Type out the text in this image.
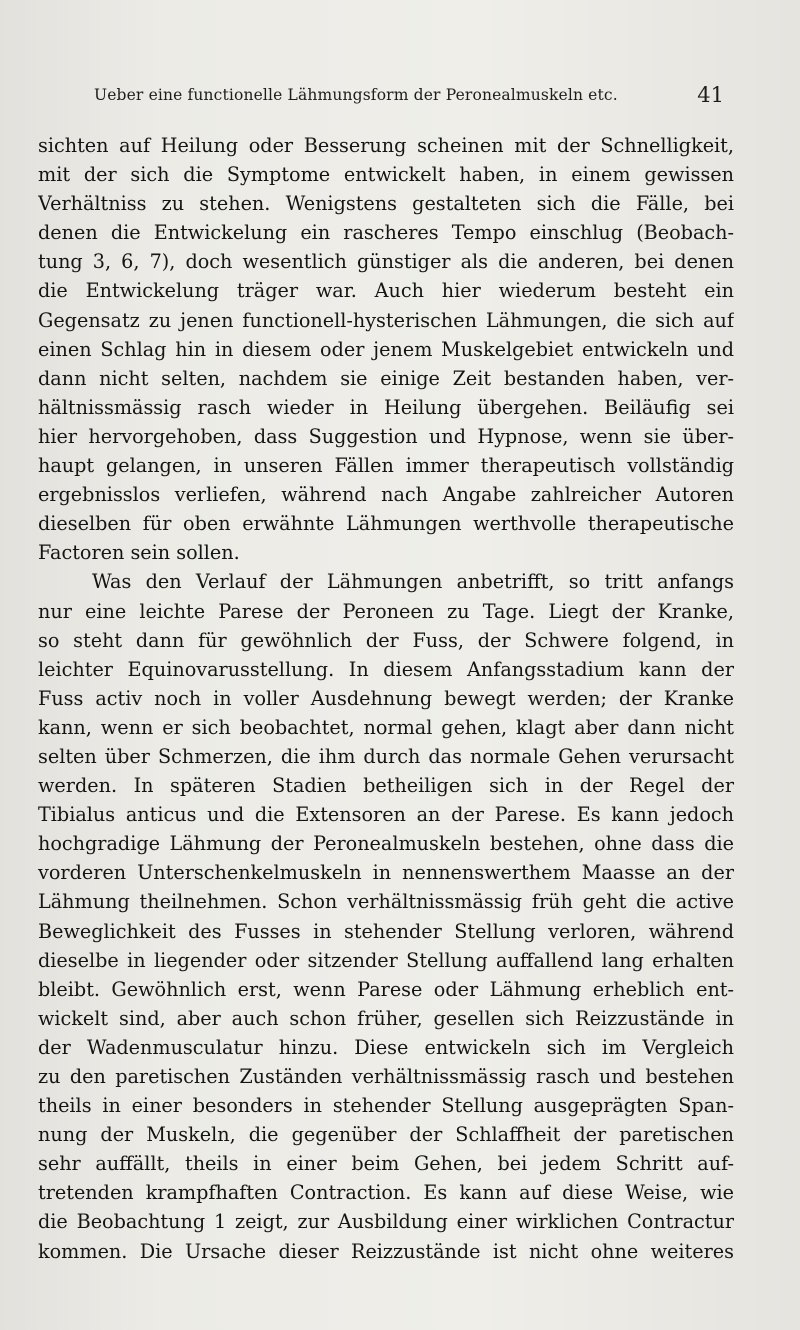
Ueber eine functionelle Lähmungsform der Peronealmuskeln etc.	41
sichten auf Heilung oder Besserung scheinen mit der Schnelligkeit,
mit der sich die Symptome entwickelt haben, in einem gewissen
Verhältniss zu stehen. Wenigstens gestalteten sich die Fälle, bei
denen die Entwickelung ein rascheres Tempo einschlug (Beobach-
tung 3, 6, 7), doch wesentlich günstiger als die anderen, bei denen
die Entwickelung träger war. Auch hier wiederum besteht ein
Gegensatz zu jenen functionell-hysterischen Lähmungen, die sich auf
einen Schlag hin in diesem oder jenem Muskelgebiet entwickeln und
dann nicht selten, nachdem sie einige Zeit bestanden haben, ver-
hältnissmässig rasch wieder in Heilung übergehen. Beiläufig sei
hier hervorgehoben, dass Suggestion und Hypnose, wenn sie über-
haupt gelangen, in unseren Fällen immer therapeutisch vollständig
ergebnisslos verliefen, während nach Angabe zahlreicher Autoren
dieselben für oben erwähnte Lähmungen werthvolle therapeutische
Factoren sein sollen.
Was den Verlauf der Lähmungen anbetrifft, so tritt anfangs
nur eine leichte Parese der Peroneen zu Tage. Liegt der Kranke,
so steht dann für gewöhnlich der Fuss, der Schwere folgend, in
leichter Equinovarusstellung. In diesem Anfangsstadium kann der
Fuss activ noch in voller Ausdehnung bewegt werden; der Kranke
kann, wenn er sich beobachtet, normal gehen, klagt aber dann nicht
selten über Schmerzen, die ihm durch das normale Gehen verursacht
werden. In späteren Stadien betheiligen sich in der Regel der
Tibialus anticus und die Extensoren an der Parese. Es kann jedoch
hochgradige Lähmung der Peronealmuskeln bestehen, ohne dass die
vorderen Unterschenkelmuskeln in nennenswerthem Maasse an der
Lähmung theilnehmen. Schon verhältnissmässig früh geht die active
Beweglichkeit des Fusses in stehender Stellung verloren, während
dieselbe in liegender oder sitzender Stellung auffallend lang erhalten
bleibt. Gewöhnlich erst, wenn Parese oder Lähmung erheblich ent-
wickelt sind, aber auch schon früher, gesellen sich Reizzustände in
der Wadenmusculatur hinzu. Diese entwickeln sich im Vergleich
zu den paretischen Zuständen verhältnissmässig rasch und bestehen
theils in einer besonders in stehender Stellung ausgeprägten Span-
nung der Muskeln, die gegenüber der Schlaffheit der paretischen
sehr auffällt, theils in einer beim Gehen, bei jedem Schritt auf-
tretenden krampfhaften Contraction. Es kann auf diese Weise, wie
die Beobachtung 1 zeigt, zur Ausbildung einer wirklichen Contractur
kommen. Die Ursache dieser Reizzustände ist nicht ohne weiteres
